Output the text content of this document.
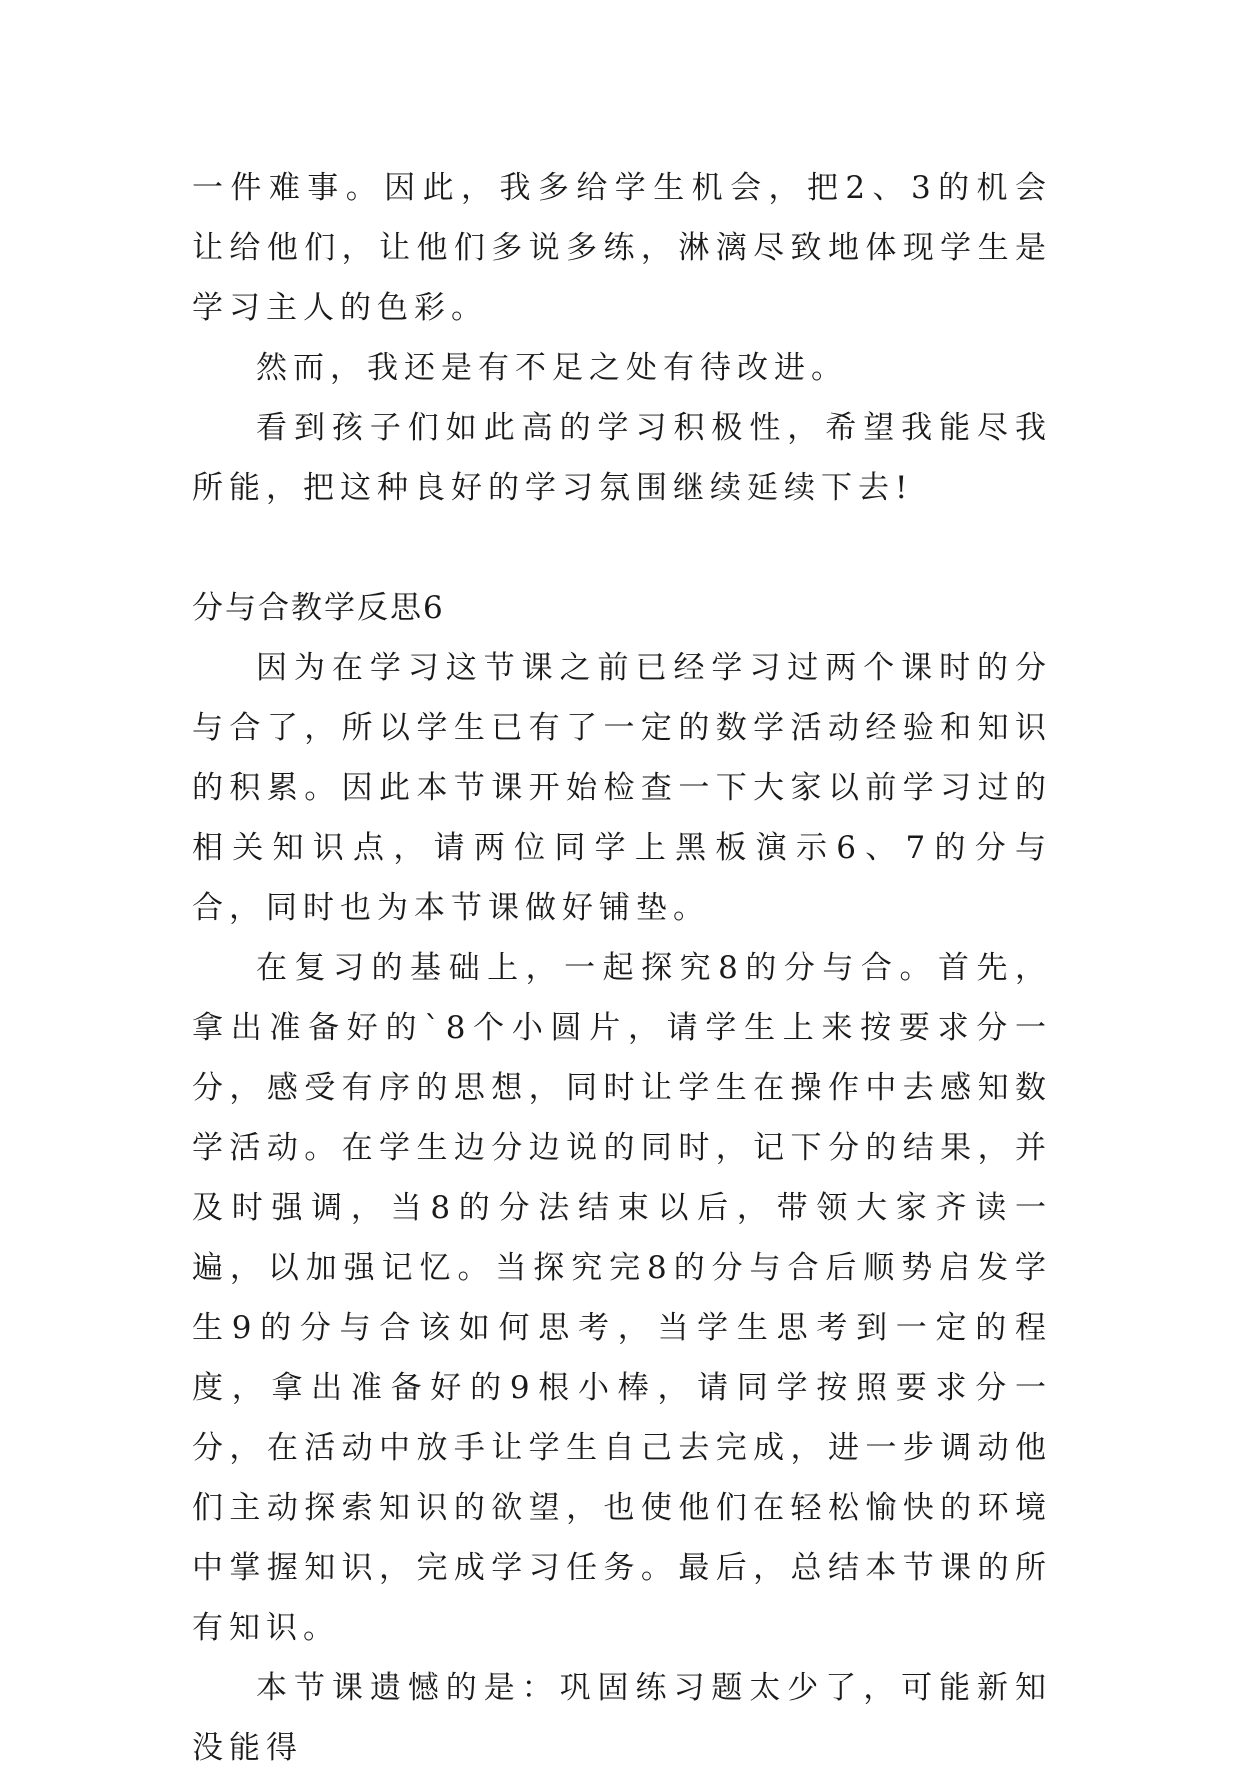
一件难事。因此，我多给学生机会，把2、3的机会让给他们，让他们多说多练，淋漓尽致地体现学生是学习主人的色彩。

然而，我还是有不足之处有待改进。

看到孩子们如此高的学习积极性，希望我能尽我所能，把这种良好的学习氛围继续延续下去!

分与合教学反思6

因为在学习这节课之前已经学习过两个课时的分与合了，所以学生已有了一定的数学活动经验和知识的积累。因此本节课开始检查一下大家以前学习过的相关知识点，请两位同学上黑板演示6、7的分与合，同时也为本节课做好铺垫。

在复习的基础上，一起探究8的分与合。首先，拿出准备好的`8个小圆片，请学生上来按要求分一分，感受有序的思想，同时让学生在操作中去感知数学活动。在学生边分边说的同时，记下分的结果，并及时强调，当8的分法结束以后，带领大家齐读一遍，以加强记忆。当探究完8的分与合后顺势启发学生9的分与合该如何思考，当学生思考到一定的程度，拿出准备好的9根小棒，请同学按照要求分一分，在活动中放手让学生自己去完成，进一步调动他们主动探索知识的欲望，也使他们在轻松愉快的环境中掌握知识，完成学习任务。最后，总结本节课的所有知识。

本节课遗憾的是：巩固练习题太少了，可能新知没能得
